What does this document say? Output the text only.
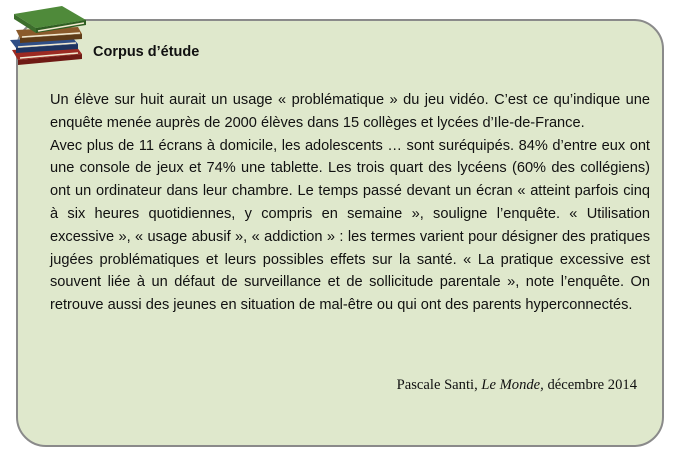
Corpus d’étude

Un élève sur huit aurait un usage « problématique » du jeu vidéo. C’est ce qu’indique une enquête menée auprès de 2000 élèves dans 15 collèges et lycées d’Ile-de-France.

Avec plus de 11 écrans à domicile, les adolescents … sont suréquipés. 84% d’entre eux ont une console de jeux et 74% une tablette. Les trois quart des lycéens (60% des collégiens) ont un ordinateur dans leur chambre. Le temps passé devant un écran « atteint parfois cinq à six heures quotidiennes, y compris en semaine », souligne l’enquête. « Utilisation excessive », « usage abusif », « addiction » : les termes varient pour désigner des pratiques jugées problématiques et leurs possibles effets sur la santé. « La pratique excessive est souvent liée à un défaut de surveillance et de sollicitude parentale », note l’enquête. On retrouve aussi des jeunes en situation de mal-être ou qui ont des parents hyperconnectés.

Pascale Santi, Le Monde, décembre 2014
